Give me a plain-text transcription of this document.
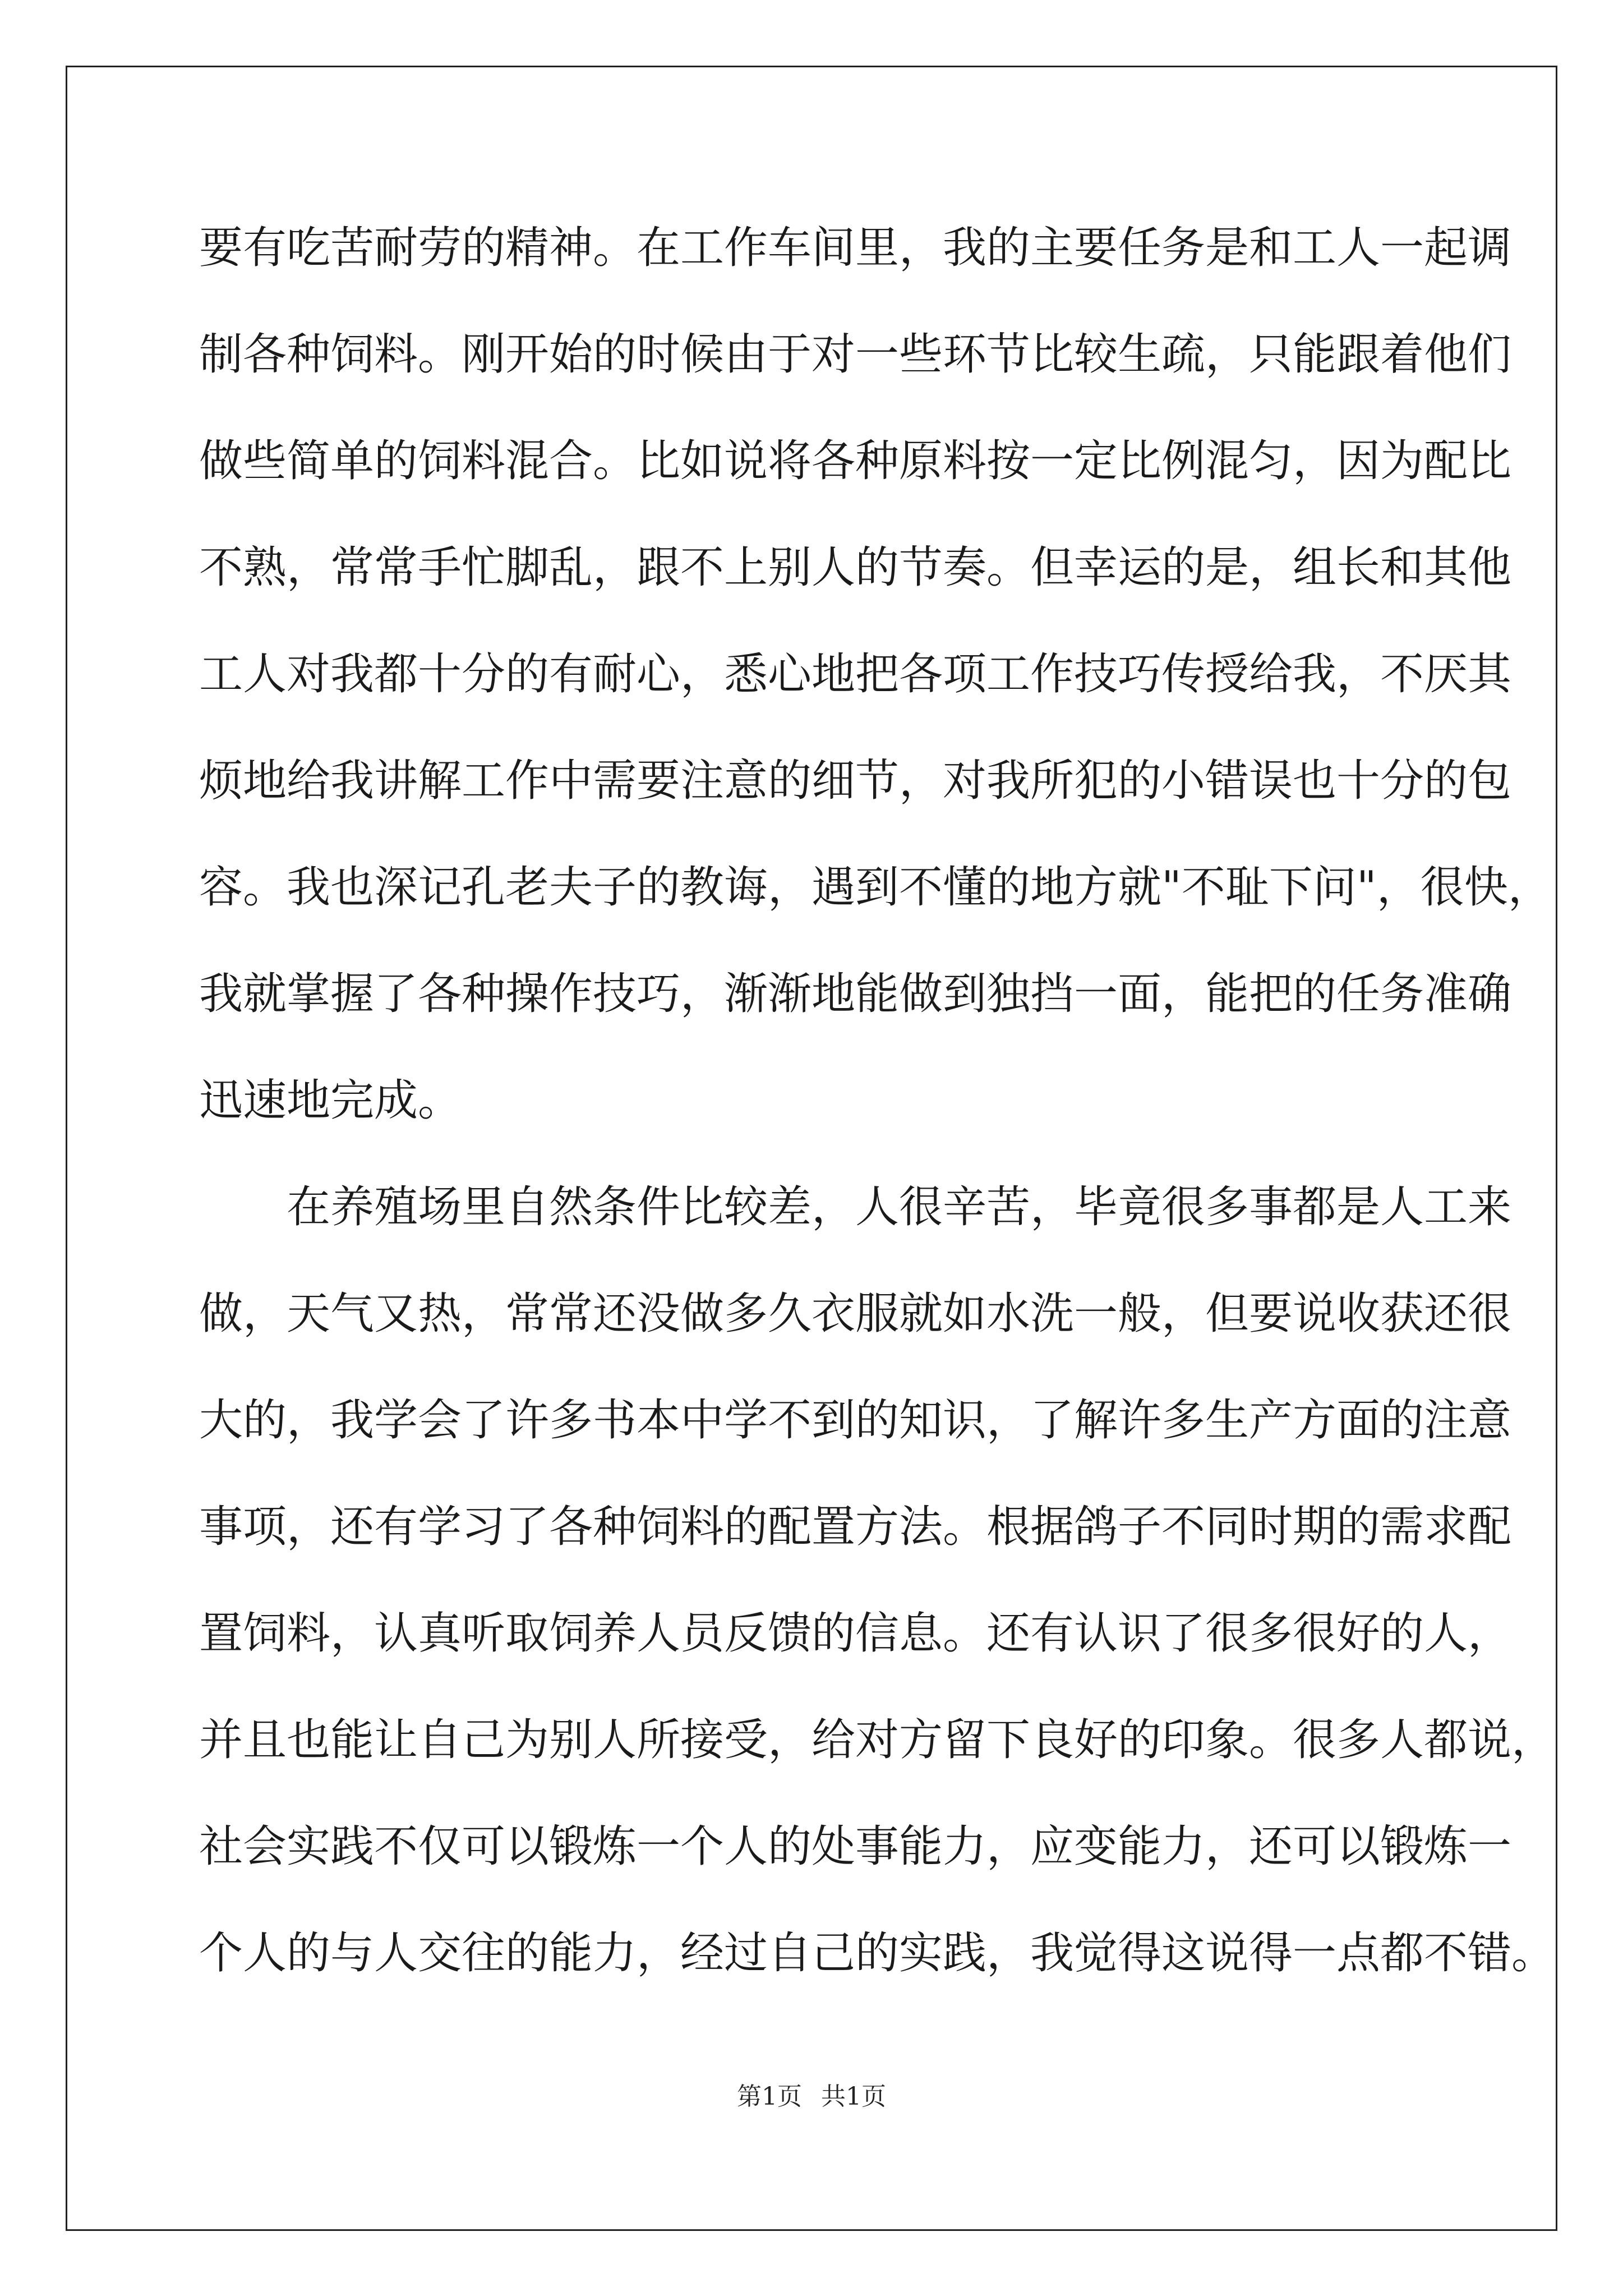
要有吃苦耐劳的精神。在工作车间里，我的主要任务是和工人一起调
制各种饲料。刚开始的时候由于对一些环节比较生疏，只能跟着他们
做些简单的饲料混合。比如说将各种原料按一定比例混匀，因为配比
不熟，常常手忙脚乱，跟不上别人的节奏。但幸运的是，组长和其他
工人对我都十分的有耐心，悉心地把各项工作技巧传授给我，不厌其
烦地给我讲解工作中需要注意的细节，对我所犯的小错误也十分的包
容。我也深记孔老夫子的教诲，遇到不懂的地方就"不耻下问"，很快，
我就掌握了各种操作技巧，渐渐地能做到独挡一面，能把的任务准确
迅速地完成。
在养殖场里自然条件比较差，人很辛苦，毕竟很多事都是人工来
做，天气又热，常常还没做多久衣服就如水洗一般，但要说收获还很
大的，我学会了许多书本中学不到的知识，了解许多生产方面的注意
事项，还有学习了各种饲料的配置方法。根据鸽子不同时期的需求配
置饲料，认真听取饲养人员反馈的信息。还有认识了很多很好的人，
并且也能让自己为别人所接受，给对方留下良好的印象。很多人都说，
社会实践不仅可以锻炼一个人的处事能力，应变能力，还可以锻炼一
个人的与人交往的能力，经过自己的实践，我觉得这说得一点都不错。
第1页 共1页
